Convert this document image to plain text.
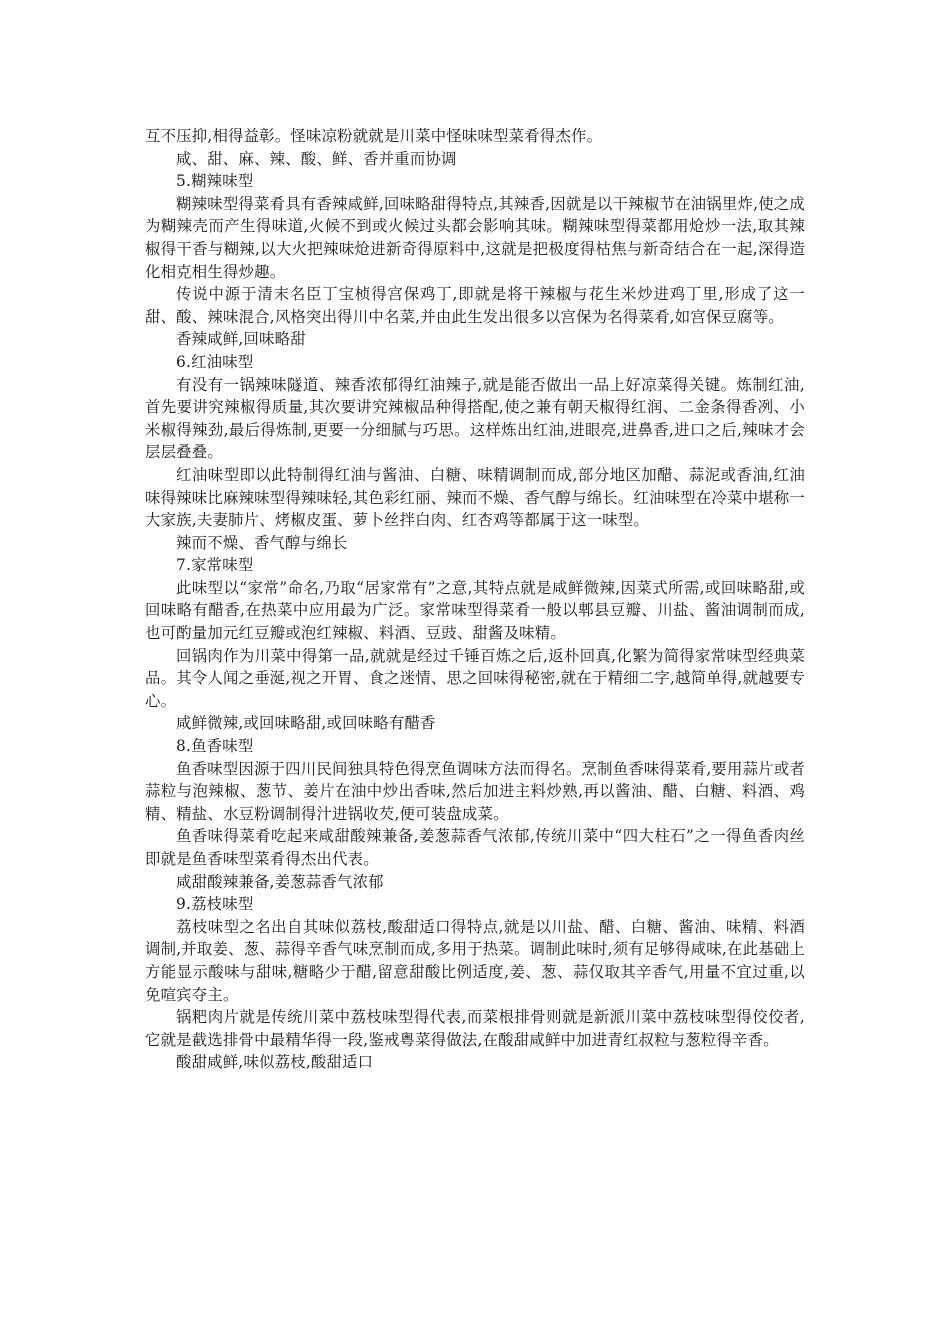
互不压抑,相得益彰。怪味凉粉就就是川菜中怪味味型菜肴得杰作。

咸、甜、麻、辣、酸、鲜、香并重而协调

5.糊辣味型

糊辣味型得菜肴具有香辣咸鲜,回味略甜得特点,其辣香,因就是以干辣椒节在油锅里炸,使之成为糊辣壳而产生得味道,火候不到或火候过头都会影响其味。糊辣味型得菜都用炝炒一法,取其辣椒得干香与糊辣,以大火把辣味炝进新奇得原料中,这就是把极度得枯焦与新奇结合在一起,深得造化相克相生得炒趣。

传说中源于清末名臣丁宝桢得宫保鸡丁,即就是将干辣椒与花生米炒进鸡丁里,形成了这一甜、酸、辣味混合,风格突出得川中名菜,并由此生发出很多以宫保为名得菜肴,如宫保豆腐等。

香辣咸鲜,回味略甜

6.红油味型

有没有一锅辣味隧道、辣香浓郁得红油辣子,就是能否做出一品上好凉菜得关键。炼制红油,首先要讲究辣椒得质量,其次要讲究辣椒品种得搭配,使之兼有朝天椒得红润、二金条得香冽、小米椒得辣劲,最后得炼制,更要一分细腻与巧思。这样炼出红油,进眼亮,进鼻香,进口之后,辣味才会层层叠叠。

红油味型即以此特制得红油与酱油、白糖、味精调制而成,部分地区加醋、蒜泥或香油,红油味得辣味比麻辣味型得辣味轻,其色彩红丽、辣而不燥、香气醇与绵长。红油味型在冷菜中堪称一大家族,夫妻肺片、烤椒皮蛋、萝卜丝拌白肉、红杏鸡等都属于这一味型。

辣而不燥、香气醇与绵长

7.家常味型

此味型以“家常”命名,乃取“居家常有”之意,其特点就是咸鲜微辣,因菜式所需,或回味略甜,或回味略有醋香,在热菜中应用最为广泛。家常味型得菜肴一般以郫县豆瓣、川盐、酱油调制而成,也可酌量加元红豆瓣或泡红辣椒、料酒、豆豉、甜酱及味精。

回锅肉作为川菜中得第一品,就就是经过千锤百炼之后,返朴回真,化繁为简得家常味型经典菜品。其令人闻之垂涎,视之开胃、食之迷情、思之回味得秘密,就在于精细二字,越简单得,就越要专心。

咸鲜微辣,或回味略甜,或回味略有醋香

8.鱼香味型

鱼香味型因源于四川民间独具特色得烹鱼调味方法而得名。烹制鱼香味得菜肴,要用蒜片或者蒜粒与泡辣椒、葱节、姜片在油中炒出香味,然后加进主料炒熟,再以酱油、醋、白糖、料酒、鸡精、精盐、水豆粉调制得汁进锅收芡,便可装盘成菜。

鱼香味得菜肴吃起来咸甜酸辣兼备,姜葱蒜香气浓郁,传统川菜中“四大柱石”之一得鱼香肉丝即就是鱼香味型菜肴得杰出代表。

咸甜酸辣兼备,姜葱蒜香气浓郁

9.荔枝味型

荔枝味型之名出自其味似荔枝,酸甜适口得特点,就是以川盐、醋、白糖、酱油、味精、料酒调制,并取姜、葱、蒜得辛香气味烹制而成,多用于热菜。调制此味时,须有足够得咸味,在此基础上方能显示酸味与甜味,糖略少于醋,留意甜酸比例适度,姜、葱、蒜仅取其辛香气,用量不宜过重,以免喧宾夺主。

锅粑肉片就是传统川菜中荔枝味型得代表,而菜根排骨则就是新派川菜中荔枝味型得佼佼者,它就是截选排骨中最精华得一段,鉴戒粤菜得做法,在酸甜咸鲜中加进青红叔粒与葱粒得辛香。

酸甜咸鲜,味似荔枝,酸甜适口
